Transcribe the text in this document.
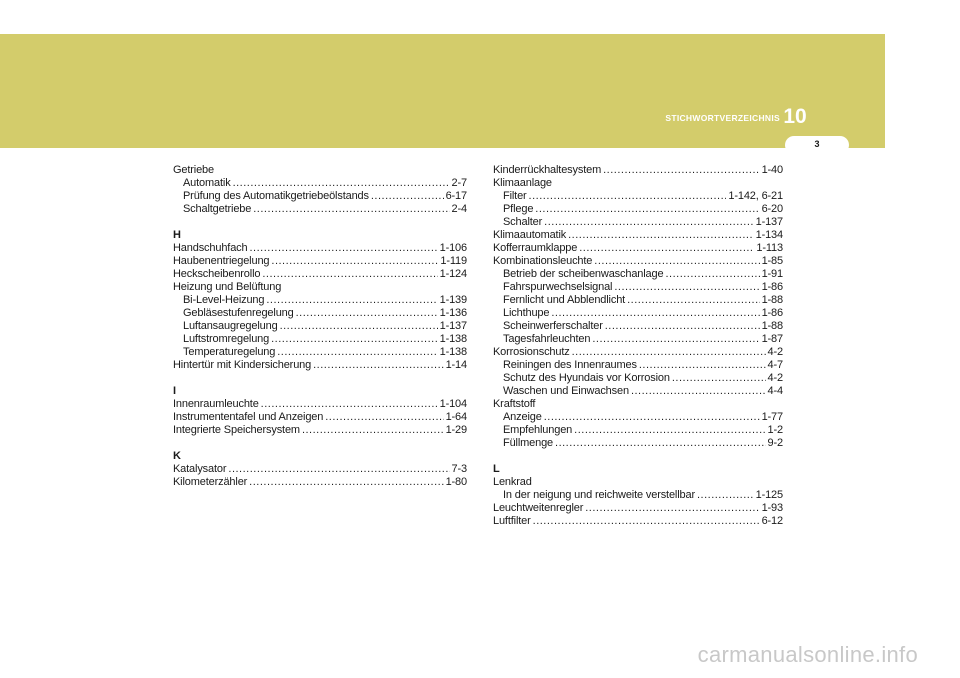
STICHWORTVERZEICHNIS 10
3
Getriebe
Automatik .....	2-7
Prüfung des Automatikgetriebeölstands .....	6-17
Schaltgetriebe .....	2-4
H
Handschuhfach .....	1-106
Haubenentriegelung .....	1-119
Heckscheibenrollo .....	1-124
Heizung und Belüftung
Bi-Level-Heizung .....	1-139
Gebläsestufenregelung .....	1-136
Luftansaugregelung .....	1-137
Luftstromregelung .....	1-138
Temperaturegelung .....	1-138
Hintertür mit Kindersicherung .....	1-14
I
Innenraumleuchte .....	1-104
Instrumententafel und Anzeigen .....	1-64
Integrierte Speichersystem .....	1-29
K
Katalysator .....	7-3
Kilometerzähler .....	1-80
Kinderrückhaltesystem .....	1-40
Klimaanlage
Filter .....	1-142, 6-21
Pflege .....	6-20
Schalter .....	1-137
Klimaautomatik .....	1-134
Kofferraumklappe .....	1-113
Kombinationsleuchte .....	1-85
Betrieb der scheibenwaschanlage .....	1-91
Fahrspurwechselsignal .....	1-86
Fernlicht und Abblendlicht .....	1-88
Lichthupe .....	1-86
Scheinwerferschalter .....	1-88
Tagesfahrleuchten .....	1-87
Korrosionschutz .....	4-2
Reiningen des Innenraumes .....	4-7
Schutz des Hyundais vor Korrosion .....	4-2
Waschen und Einwachsen .....	4-4
Kraftstoff
Anzeige .....	1-77
Empfehlungen .....	1-2
Füllmenge .....	9-2
L
Lenkrad
In der neigung und reichweite verstellbar .....	1-125
Leuchtweitenregler .....	1-93
Luftfilter .....	6-12
carmanualsonline.info
